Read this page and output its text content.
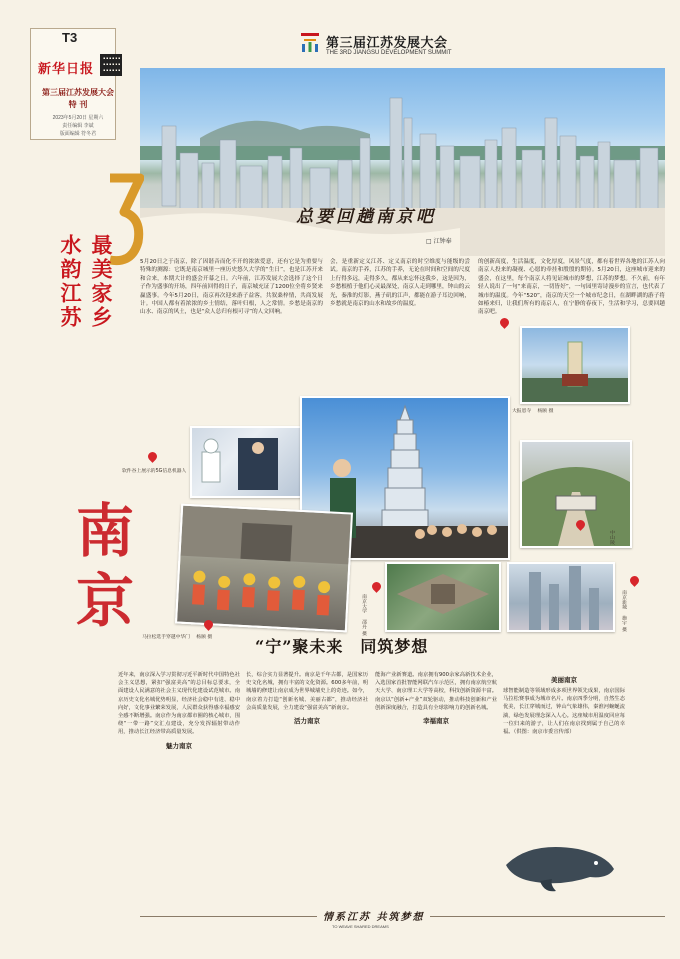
T3
新华日报
第三届江苏发展大会
特 刊
2023年5月20日 星期六
责任编辑 李斌
版面编辑 符冬君
第三届江苏发展大会
THE 3RD JIANGSU DEVELOPMENT SUMMIT
总要回趟南京吧
□ 江钟奉
水韵江苏 最美家乡
南京
5月20日之于南京，除了因谐音而化不开的浓浓爱意，还有它是为重要与特殊的测源：它既是南京城里一座历史悠久大学的“生日”，也是江苏开来和合来，本期大计的盛会开幕之日。六年前，江苏发展大会选择了这个日子作为盛事的开场，四年前回得的日子，南京城充证了1200位全将乡贤来赢盛事。今年5月20日，南京再次迎来游子益客，共叙桑梓情，共商发展计。中国人都有着浓浓的乡土情结，落叶归根，人之常情。乡愁是南京的山水、南京的风土，也是“众人总归有根可寻”的人文回响。
会，是重新定义江苏、定义南京的时空维度与能级的尝试。南京的手养，江苏的手养，无论在时间和空间的尺度上行得多远，走得多久，都从来忘怀这我乡，这是因为，乡愁根植于他们心灵最深处，南京人走到哪里，钟山的云光，秦淮的灯影，燕子矶的江声，都能在游子耳边回响，乡愁就是南京的山水和故乡的温度。
的创新高度，生活温度，文化厚度，风景气度，都有着世界各地的江苏人向南京人投来的凝视、心愿的牵挂和殷殷的期待。5月20日，这座城市迎来的盛会，在这里，每个南京人将见证城市的梦想，江苏的梦想。不久前，有年轻人说出了一句“来南京，一切皆好”，一句园里寄诗漫步的宣言，也代表了城市的温度。今年“520”，南京的天空一个城市纪念日，在湖畔湖的游子将如椿来归，让我们所有的南京人，在宁静的春夜下，生活和学习，总要回趟南京吧。
软件谷上展示的5G信息机器人
大报恩寺 　杨颐 摄
中山陵
马拉松选手穿越中华门 　杨颐 摄
南京大学 　邵丹 摄	南京新城 　施宇 摄
“宁”聚未来　同筑梦想
近年来，南京深入学习贯彻习近平新时代中国特色社会主义思想，紧扣“强富美高”的总目标总要求，全面建设人民满意的社会主义现代化建设试范城市。南京历史文化名城优势明显，经济社会稳中有进、稳中向好，文化事业繁荣发展，人民群众获得感幸福感安全感不断增强。南京作为南京都市圈的核心城市，围绕“一带一路”交汇点建设，充分发挥辐射带动作用，推动长江经济带高质量发展。
魅力南京
长，综合实力显著提升。南京是千年古都，是国家历史文化名城，拥有丰富的文化资源。600多年前，明城墙的修建让南京成为世界城墙史上的奇迹。如今，南京着力打造“创新名城、美丽古都”，推动经济社会高质量发展，全力建设“强富美高”新南京。
活力南京
能海产业新赛道。南京拥有900余家高新技术企业，入选国家首批智能网联汽车示范区，拥有南京航空航天大学、南京理工大学等高校，科技创新资源丰富。南京以“创新+产业”双轮驱动，推动科技创新和产业创新深度融合，打造具有全球影响力的创新名城。
幸福南京
美丽南京
球智能制造等领域形成多项世界领先成果，南京国际马拉松赛事成为城市名片。南京四季分明，自然生态优美，长江穿城而过，钟山气象雄伟，秦淮河蜿蜒流淌，绿色发展理念深入人心。这座城市用温度回应每一位归来的游子，让人们在南京找到属于自己的幸福。（供图：南京市委宣传部）
情系江苏 共筑梦想
TO WEAVE SHARED DREAMS
